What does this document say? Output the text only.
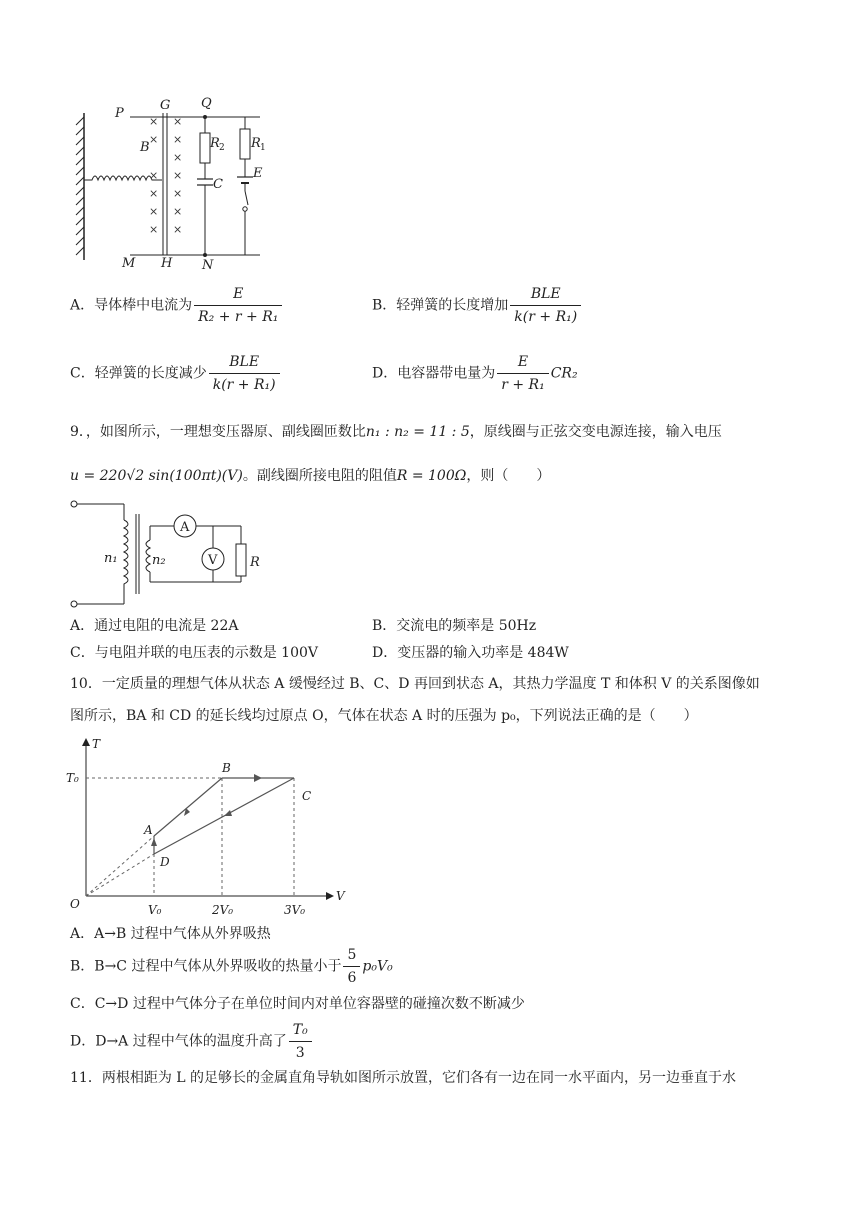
× ×
× ×
×
× ×
× ×
× ×
× ×
P
G Q
B	R 2 R 1
C
E
M H N
A．导体棒中电流为 $\frac{E}{\text{R₂ + r + R₁}}$	B．轻弹簧的长度增加 $\frac{\text{BLE}}{\text{k(r + R₁)}}$
C．轻弹簧的长度减少 $\frac{\text{BLE}}{\text{k(r + R₁)}}$	D．电容器带电量为 $\frac{E}{\text{r + R₁}} CR_2$
9．，如图所示，一理想变压器原、副线圈匝数比n₁ : n₂ = 11 : 5，原线圈与正弦交变电源连接，输入电压
u = 220√2 sin(100πt)(V)。副线圈所接电阻的阻值R = 100Ω，则（　　）
n₁	n₂
A
V	R
A．通过电阻的电流是 22A	B．交流电的频率是 50Hz
C．与电阻并联的电压表的示数是 100V	D．变压器的输入功率是 484W
10．一定质量的理想气体从状态 A 缓慢经过 B、C、D 再回到状态 A，其热力学温度 T 和体积 V 的关系图像如
图所示，BA 和 CD 的延长线均过原点 O，气体在状态 A 时的压强为 p₀，下列说法正确的是（　　）
T
V
T₀
O
A
B
C
D
V₀	2V₀	3V₀
A．A→B 过程中气体从外界吸热
B．B→C 过程中气体从外界吸收的热量小于 $\frac{5}{6} p_0V_0$
C．C→D 过程中气体分子在单位时间内对单位容器壁的碰撞次数不断减少
D．D→A 过程中气体的温度升高了 $\frac{\text{T₀}}{3}$
11．两根相距为 L 的足够长的金属直角导轨如图所示放置，它们各有一边在同一水平面内，另一边垂直于水
